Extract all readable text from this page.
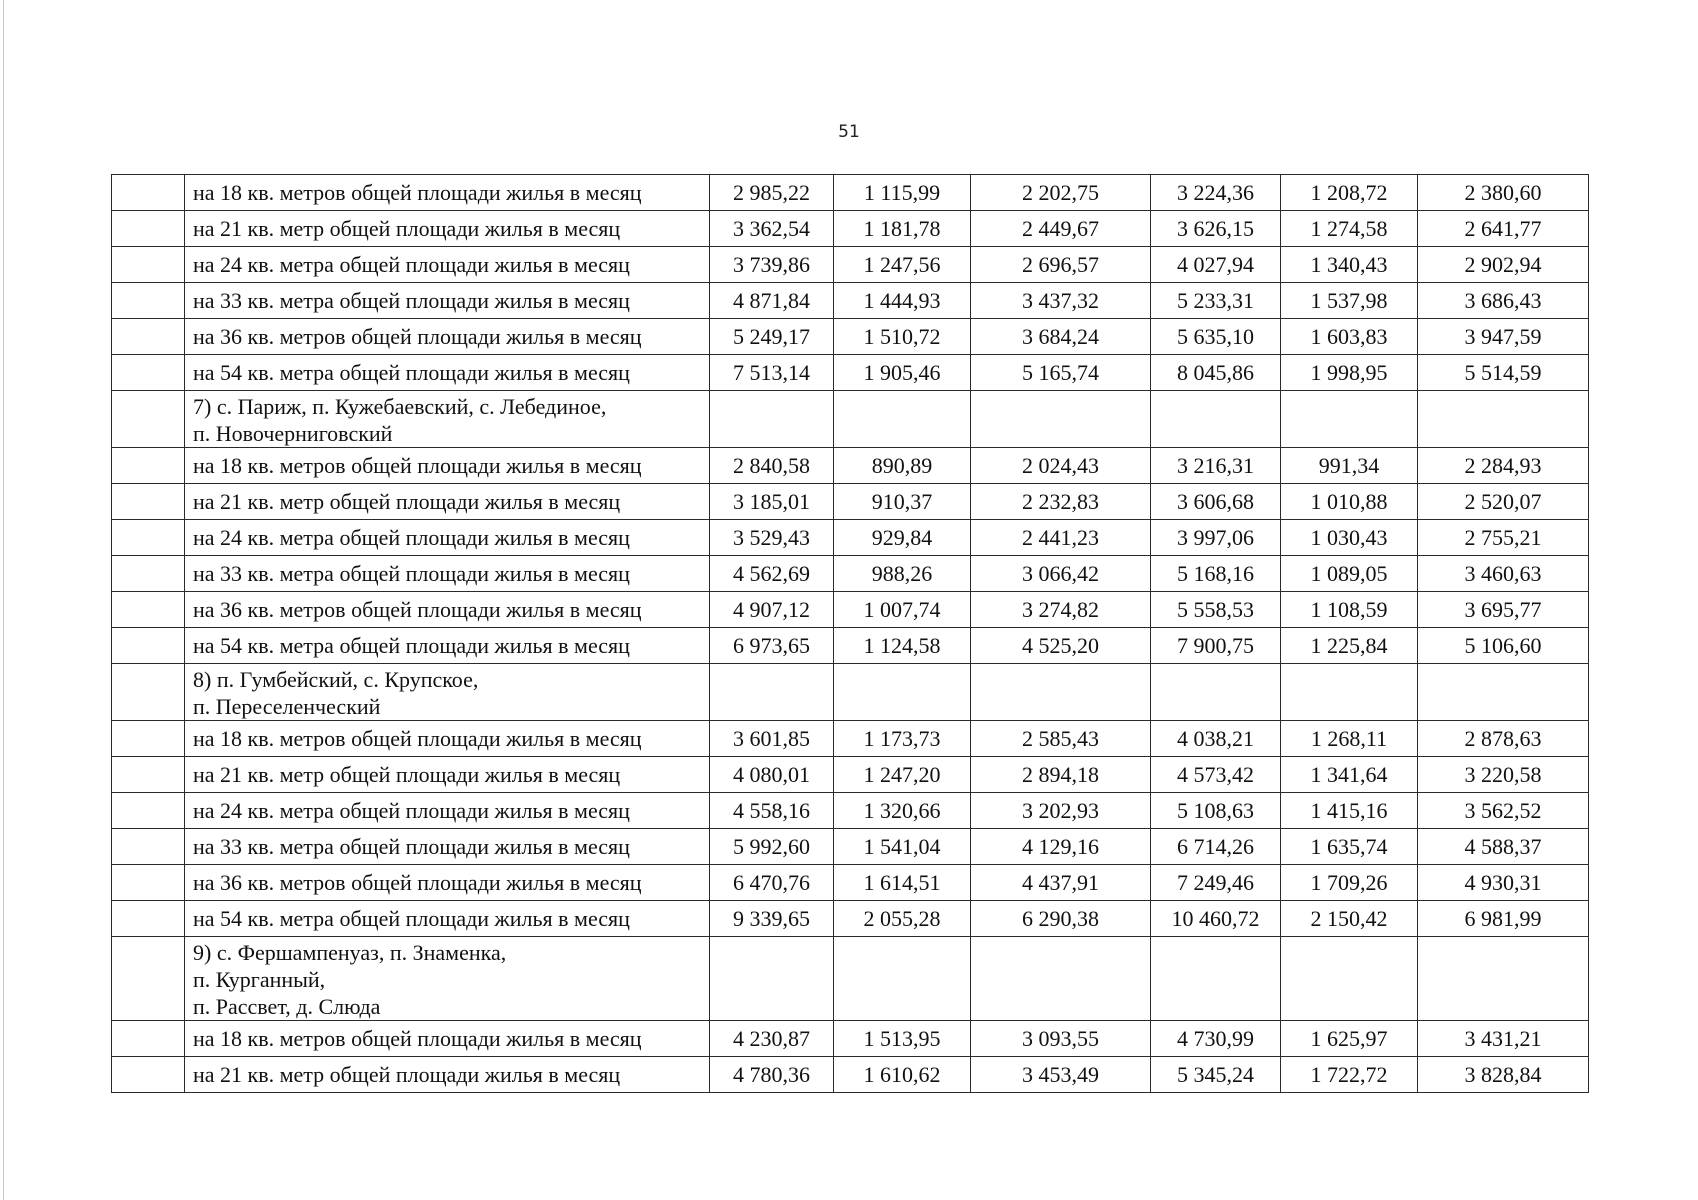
51
	на 18 кв. метров общей площади жилья в месяц	2 985,22	1 115,99	2 202,75	3 224,36	1 208,72	2 380,60
	на 21 кв. метр общей площади жилья в месяц	3 362,54	1 181,78	2 449,67	3 626,15	1 274,58	2 641,77
	на 24 кв. метра общей площади жилья в месяц	3 739,86	1 247,56	2 696,57	4 027,94	1 340,43	2 902,94
	на 33 кв. метра общей площади жилья в месяц	4 871,84	1 444,93	3 437,32	5 233,31	1 537,98	3 686,43
	на 36 кв. метров общей площади жилья в месяц	5 249,17	1 510,72	3 684,24	5 635,10	1 603,83	3 947,59
	на 54 кв. метра общей площади жилья в месяц	7 513,14	1 905,46	5 165,74	8 045,86	1 998,95	5 514,59

	7) с. Париж, п. Кужебаевский, с. Лебединое,
п. Новочерниговский						

	на 18 кв. метров общей площади жилья в месяц	2 840,58	890,89	2 024,43	3 216,31	991,34	2 284,93
	на 21 кв. метр общей площади жилья в месяц	3 185,01	910,37	2 232,83	3 606,68	1 010,88	2 520,07
	на 24 кв. метра общей площади жилья в месяц	3 529,43	929,84	2 441,23	3 997,06	1 030,43	2 755,21
	на 33 кв. метра общей площади жилья в месяц	4 562,69	988,26	3 066,42	5 168,16	1 089,05	3 460,63
	на 36 кв. метров общей площади жилья в месяц	4 907,12	1 007,74	3 274,82	5 558,53	1 108,59	3 695,77
	на 54 кв. метра общей площади жилья в месяц	6 973,65	1 124,58	4 525,20	7 900,75	1 225,84	5 106,60

	8) п. Гумбейский, с. Крупское,
п. Переселенческий						

	на 18 кв. метров общей площади жилья в месяц	3 601,85	1 173,73	2 585,43	4 038,21	1 268,11	2 878,63
	на 21 кв. метр общей площади жилья в месяц	4 080,01	1 247,20	2 894,18	4 573,42	1 341,64	3 220,58
	на 24 кв. метра общей площади жилья в месяц	4 558,16	1 320,66	3 202,93	5 108,63	1 415,16	3 562,52
	на 33 кв. метра общей площади жилья в месяц	5 992,60	1 541,04	4 129,16	6 714,26	1 635,74	4 588,37
	на 36 кв. метров общей площади жилья в месяц	6 470,76	1 614,51	4 437,91	7 249,46	1 709,26	4 930,31
	на 54 кв. метра общей площади жилья в месяц	9 339,65	2 055,28	6 290,38	10 460,72	2 150,42	6 981,99

	9) с. Фершампенуаз, п. Знаменка,
п. Курганный,
п. Рассвет, д. Слюда						

	на 18 кв. метров общей площади жилья в месяц	4 230,87	1 513,95	3 093,55	4 730,99	1 625,97	3 431,21
	на 21 кв. метр общей площади жилья в месяц	4 780,36	1 610,62	3 453,49	5 345,24	1 722,72	3 828,84
